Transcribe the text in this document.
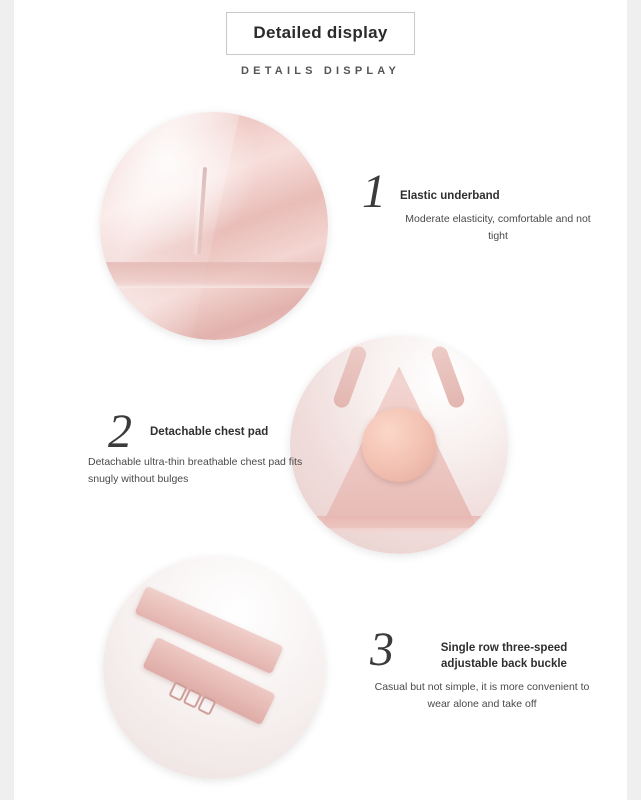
Detailed display
DETAILS DISPLAY
1 Elastic underband
Moderate elasticity, comfortable and not tight
2 Detachable chest pad
Detachable ultra-thin breathable chest pad fits snugly without bulges
3	Single row three-speed adjustable back buckle
Casual but not simple, it is more convenient to wear alone and take off
